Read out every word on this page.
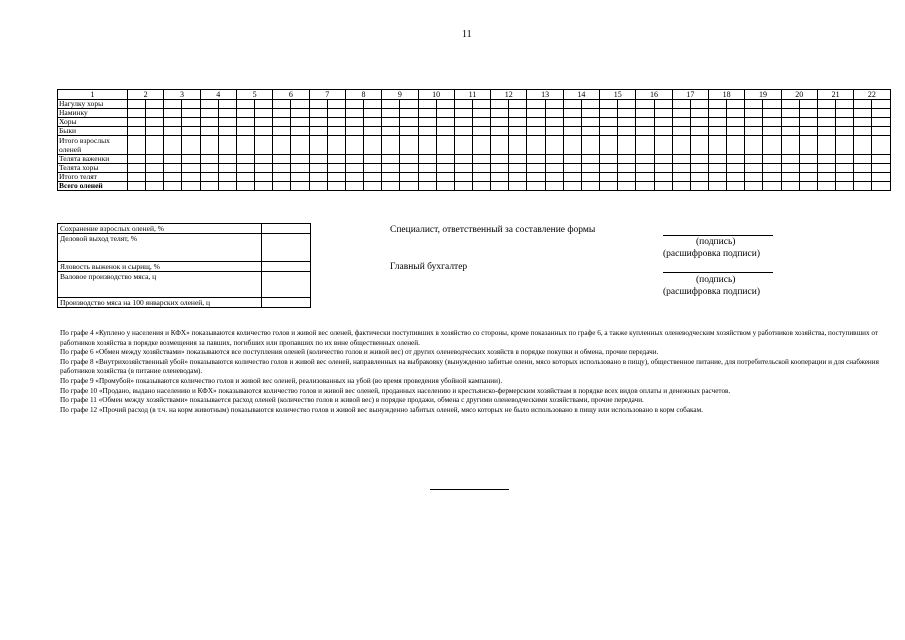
11
1	2		3		4		5		6		7		8		9		10		11		12		13		14		15		16		17		18		19		20		21		22	
Нагулку хоры																																										
Наминку																																										
Хоры																																										
Быки																																										
Итого взрослых оленей																																										
Телята важенки																																										
Телята хоры																																										
Итого телят																																										
Всего оленей																																										
Сохранение взрослых оленей, %	
Деловой выход телят, %	
Яловость выженок и сырищ, %	
Валовое производство мяса, ц	
Производство мяса на 100 январских оленей, ц	
Специалист, ответственный за составление формы
(подпись)
(расшифровка подписи)
Главный бухгалтер
(подпись)
(расшифровка подписи)

По графе 4 «Куплено у населения и КФХ» показываются количество голов и живой вес оленей, фактически поступивших в хозяйство со стороны, кроме показанных по графе 6, а также купленных оленеводческим хозяйством у работников хозяйства, поступивших от работников хозяйства в порядке возмещения за павших, погибших или пропавших по их вине общественных оленей.

По графе 6 «Обмен между хозяйствами» показываются все поступления оленей (количество голов и живой вес) от других оленеводческих хозяйств в порядке покупки и обмена, прочие передачи.

По графе 8 «Внутрихозяйственный убой» показываются количество голов и живой вес оленей, направленных на выбраковку (вынужденно забитые олени, мясо которых использовано в пищу), общественное питание, для потребительской кооперации и для снабжения работников хозяйства (в питание оленеводам).

По графе 9 «Промубой» показываются количество голов и живой вес оленей, реализованных на убой (во время проведения убойной кампании).

По графе 10 «Продано, выдано населению и КФХ» показываются количество голов и живой вес оленей, проданных населению и крестьянско-фермерским хозяйствам в порядке всех видов оплаты и денежных расчетов.

По графе 11 «Обмен между хозяйствами» показывается расход оленей (количество голов и живой вес) в порядке продажи, обмена с другими оленеводческими хозяйствами, прочие передачи.

По графе 12 «Прочий расход (в т.ч. на корм животным) показываются количество голов и живой вес вынужденно забитых оленей, мясо которых не было использовано в пищу или использовано в корм собакам.
